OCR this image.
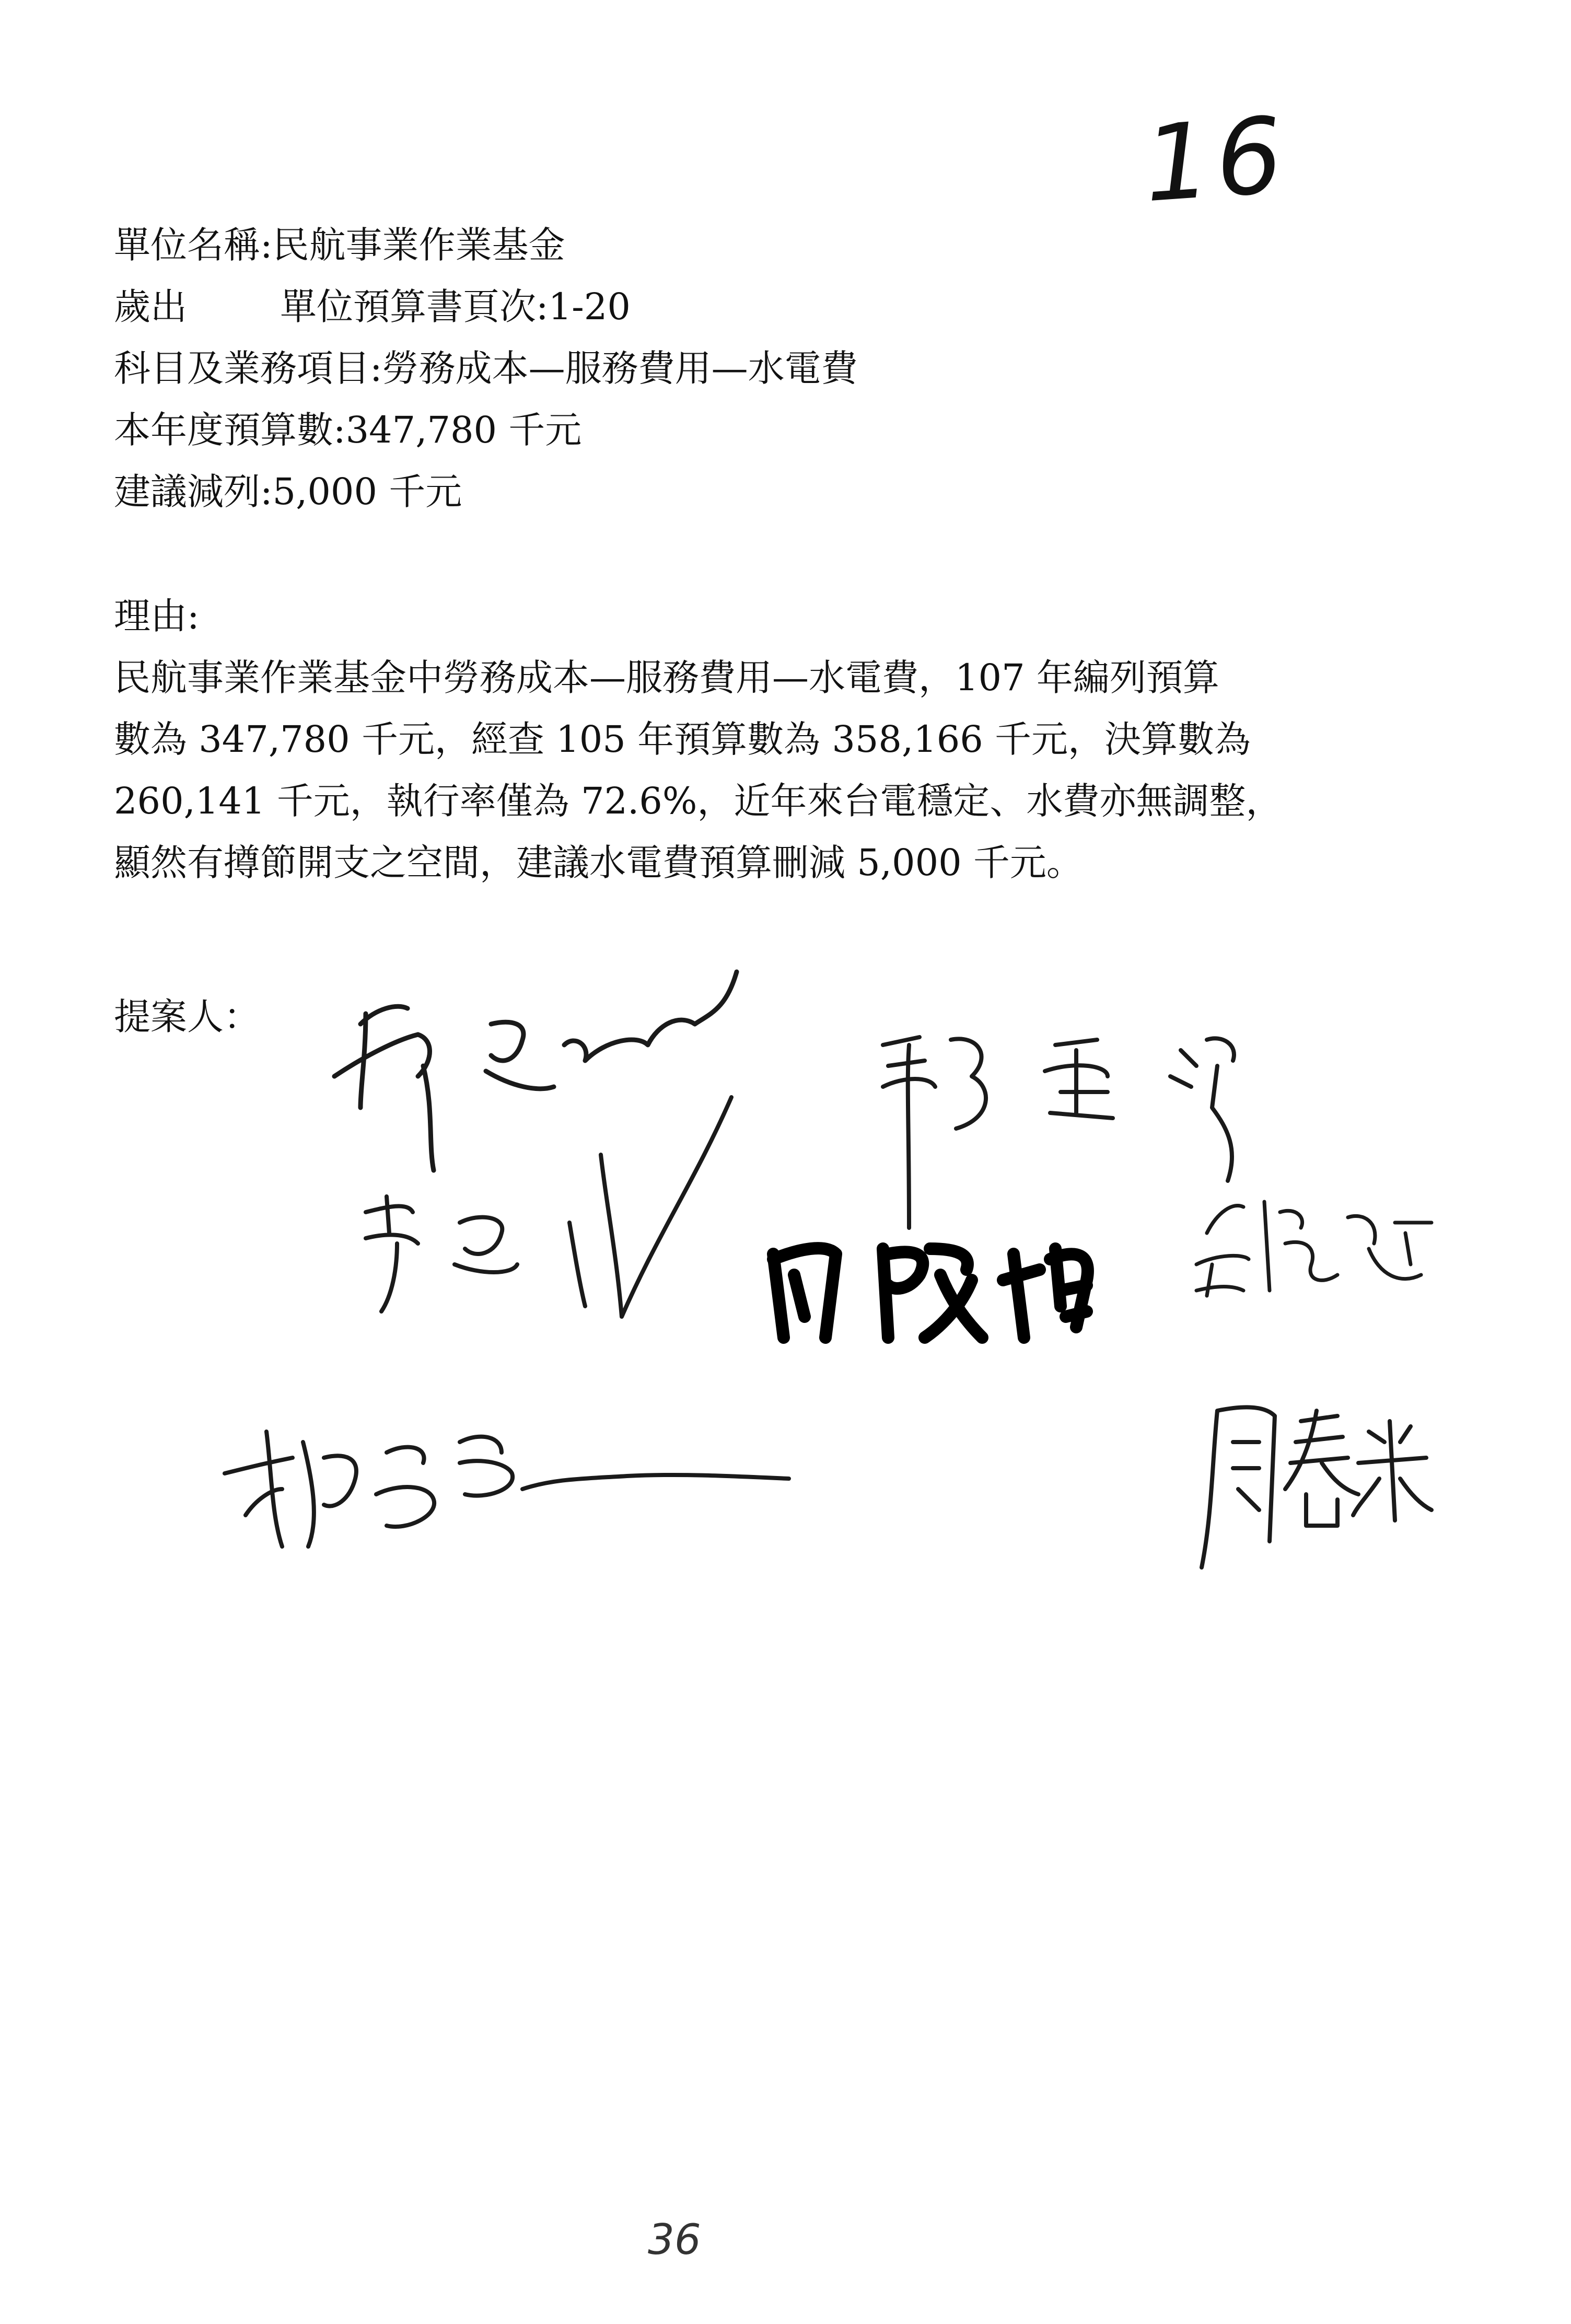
16
單位名稱:民航事業作業基金
歲出        單位預算書頁次:1-20
科目及業務項目:勞務成本—服務費用—水電費
本年度預算數:347,780 千元
建議減列:5,000 千元
理由:
民航事業作業基金中勞務成本—服務費用—水電費，107 年編列預算
數為 347,780 千元，經查 105 年預算數為 358,166 千元，決算數為
260,141 千元，執行率僅為 72.6%，近年來台電穩定、水費亦無調整，
顯然有撙節開支之空間，建議水電費預算刪減 5,000 千元。
提案人：
36
